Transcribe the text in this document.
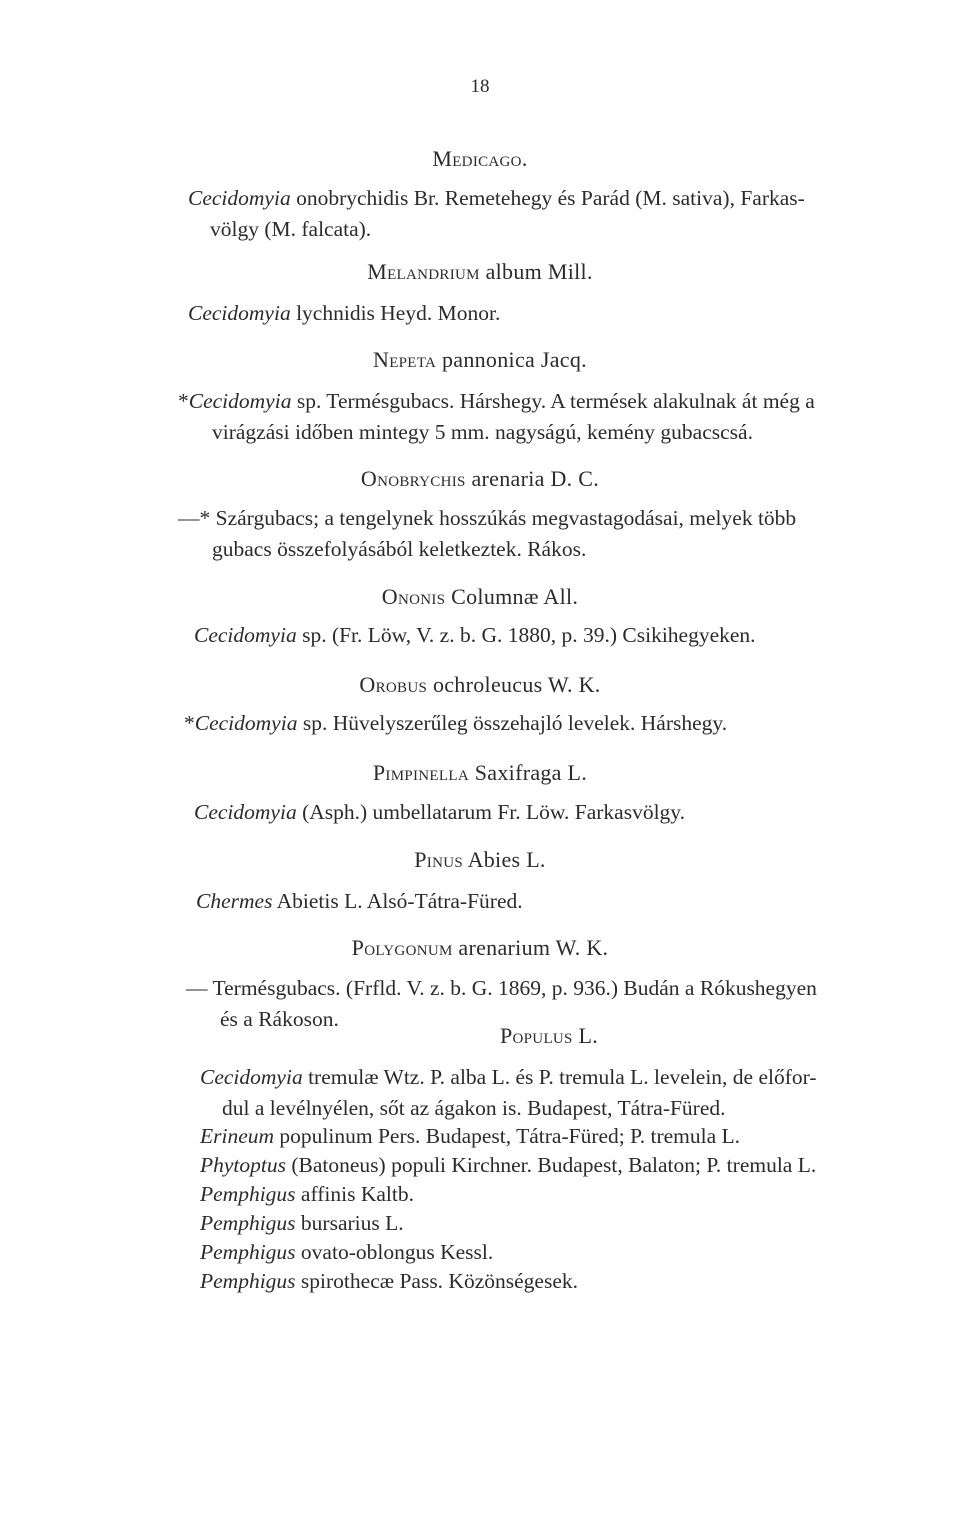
18
Medicago.
Cecidomyia onobrychidis Br. Remetehegy és Parád (M. sativa), Farkas-
völgy (M. falcata).
Melandrium album Mill.
Cecidomyia lychnidis Heyd. Monor.
Nepeta pannonica Jacq.
*Cecidomyia sp. Termésgubacs. Hárshegy. A termések alakulnak át még a
virágzási időben mintegy 5 mm. nagyságú, kemény gubacscsá.
Onobrychis arenaria D. C.
—* Szárgubacs; a tengelynek hosszúkás megvastagodásai, melyek több
gubacs összefolyásából keletkeztek. Rákos.
Ononis Columnæ All.
Cecidomyia sp. (Fr. Löw, V. z. b. G. 1880, p. 39.) Csikihegyeken.
Orobus ochroleucus W. K.
*Cecidomyia sp. Hüvelyszerűleg összehajló levelek. Hárshegy.
Pimpinella Saxifraga L.
Cecidomyia (Asph.) umbellatarum Fr. Löw. Farkasvölgy.
Pinus Abies L.
Chermes Abietis L. Alsó-Tátra-Füred.
Polygonum arenarium W. K.
— Termésgubacs. (Frfld. V. z. b. G. 1869, p. 936.) Budán a Rókushegyen
és a Rákoson.
Populus L.
Cecidomyia tremulæ Wtz. P. alba L. és P. tremula L. levelein, de előfor-
dul a levélnyélen, sőt az ágakon is. Budapest, Tátra-Füred.
Erineum populinum Pers. Budapest, Tátra-Füred; P. tremula L.
Phytoptus (Batoneus) populi Kirchner. Budapest, Balaton; P. tremula L.
Pemphigus affinis Kaltb.
Pemphigus bursarius L.
Pemphigus ovato-oblongus Kessl.
Pemphigus spirothecæ Pass. Közönségesek.
